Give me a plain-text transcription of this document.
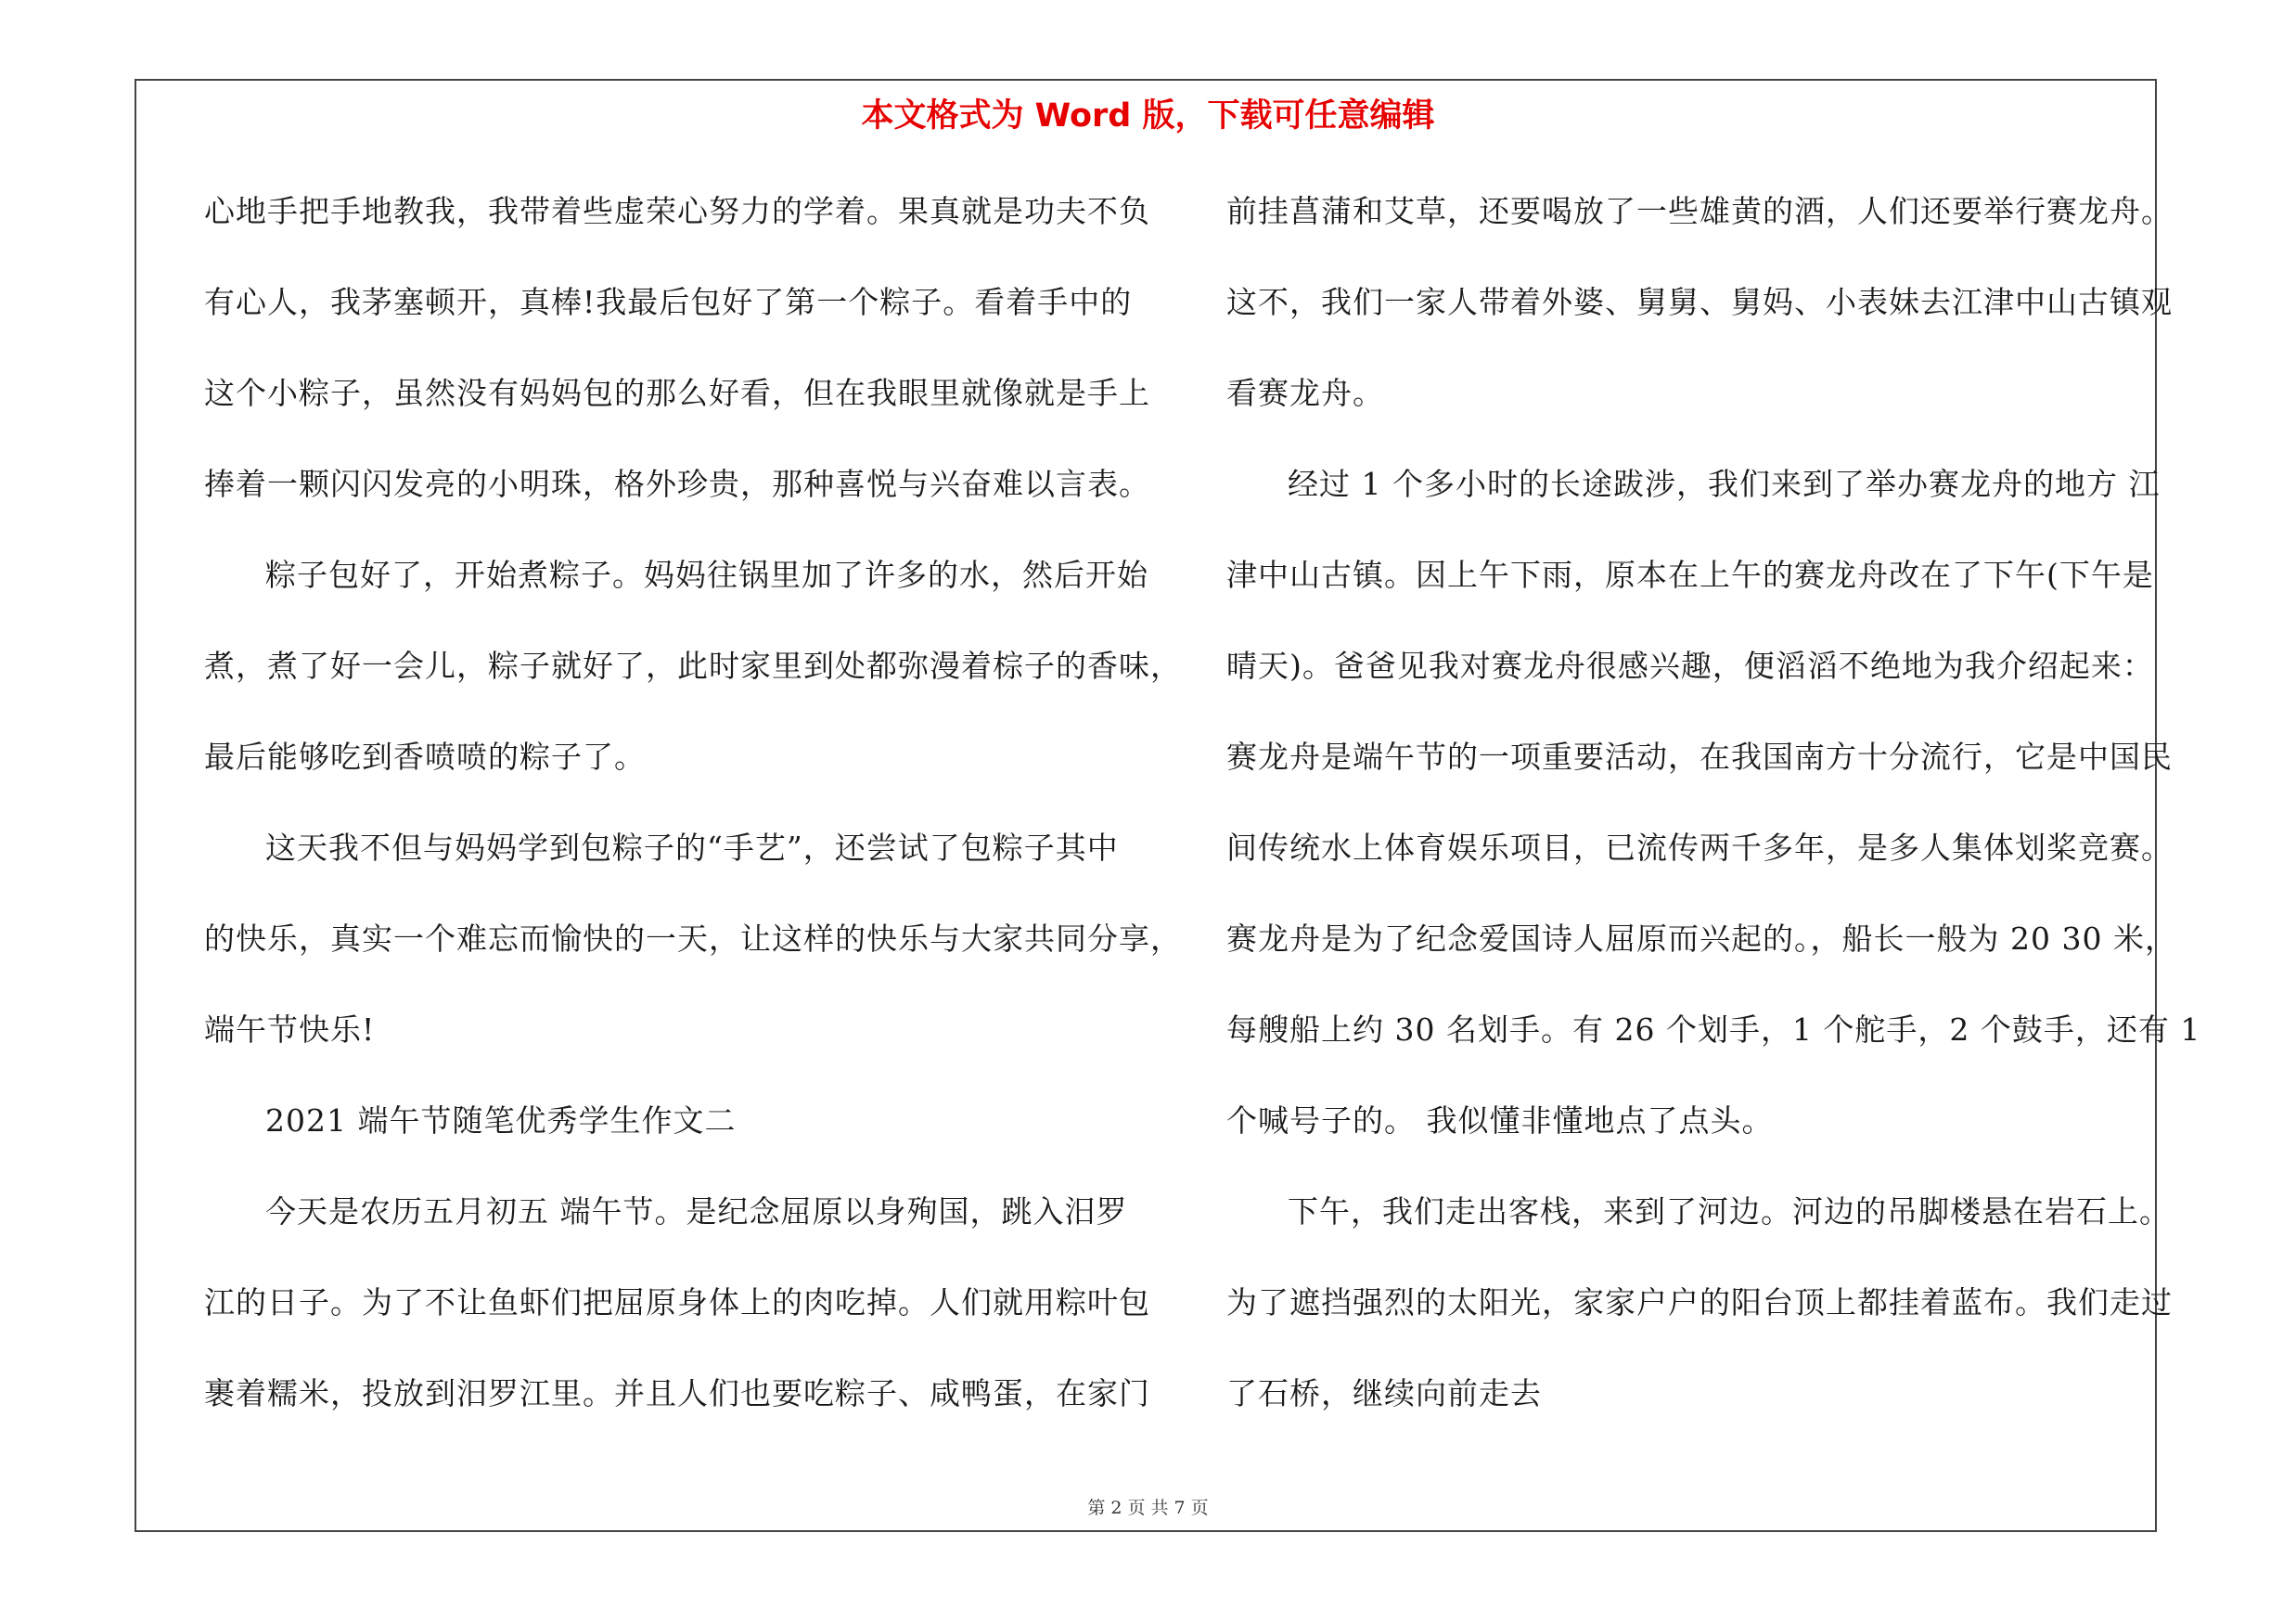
本文格式为 Word 版，下载可任意编辑
心地手把手地教我，我带着些虚荣心努力的学着。果真就是功夫不负
有心人，我茅塞顿开，真棒!我最后包好了第一个粽子。看着手中的
这个小粽子，虽然没有妈妈包的那么好看，但在我眼里就像就是手上
捧着一颗闪闪发亮的小明珠，格外珍贵，那种喜悦与兴奋难以言表。
粽子包好了，开始煮粽子。妈妈往锅里加了许多的水，然后开始
煮，煮了好一会儿，粽子就好了，此时家里到处都弥漫着棕子的香味，
最后能够吃到香喷喷的粽子了。
这天我不但与妈妈学到包粽子的“手艺”，还尝试了包粽子其中
的快乐，真实一个难忘而愉快的一天，让这样的快乐与大家共同分享，
端午节快乐!
2021 端午节随笔优秀学生作文二
今天是农历五月初五 端午节。是纪念屈原以身殉国，跳入汨罗
江的日子。为了不让鱼虾们把屈原身体上的肉吃掉。人们就用粽叶包
裹着糯米，投放到汨罗江里。并且人们也要吃粽子、咸鸭蛋，在家门
前挂菖蒲和艾草，还要喝放了一些雄黄的酒，人们还要举行赛龙舟。
这不，我们一家人带着外婆、舅舅、舅妈、小表妹去江津中山古镇观
看赛龙舟。
经过 1 个多小时的长途跋涉，我们来到了举办赛龙舟的地方 江
津中山古镇。因上午下雨，原本在上午的赛龙舟改在了下午(下午是
晴天)。爸爸见我对赛龙舟很感兴趣，便滔滔不绝地为我介绍起来：
赛龙舟是端午节的一项重要活动，在我国南方十分流行，它是中国民
间传统水上体育娱乐项目，已流传两千多年，是多人集体划桨竞赛。
赛龙舟是为了纪念爱国诗人屈原而兴起的。，船长一般为 20 30 米，
每艘船上约 30 名划手。有 26 个划手，1 个舵手，2 个鼓手，还有 1
个喊号子的。 我似懂非懂地点了点头。
下午，我们走出客栈，来到了河边。河边的吊脚楼悬在岩石上。
为了遮挡强烈的太阳光，家家户户的阳台顶上都挂着蓝布。我们走过
了石桥，继续向前走去
第 2 页 共 7 页
